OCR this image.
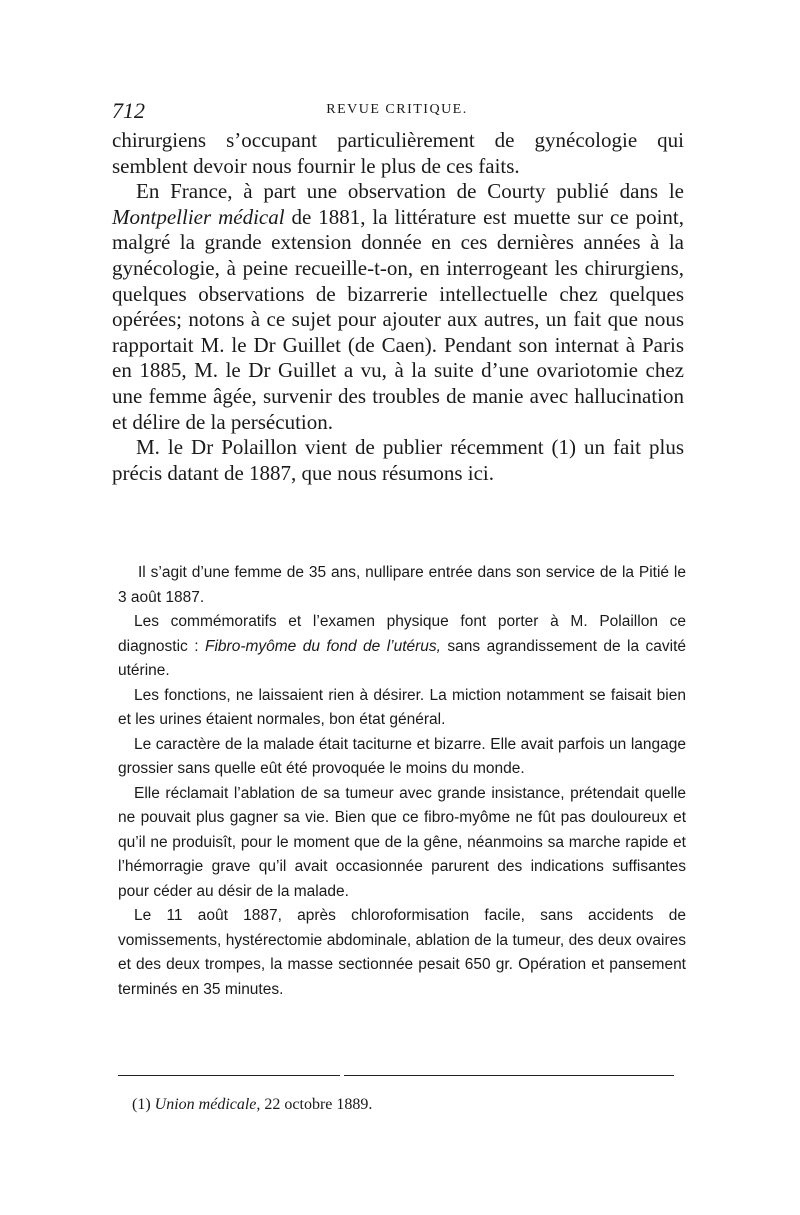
712	REVUE CRITIQUE.

chirurgiens s’occupant particulièrement de gynécologie qui semblent devoir nous fournir le plus de ces faits.

En France, à part une observation de Courty publié dans le Montpellier médical de 1881, la littérature est muette sur ce point, malgré la grande extension donnée en ces dernières années à la gynécologie, à peine recueille-t-on, en interrogeant les chirurgiens, quelques observations de bizarrerie intellectuelle chez quelques opérées; notons à ce sujet pour ajouter aux autres, un fait que nous rapportait M. le Dr Guillet (de Caen). Pendant son internat à Paris en 1885, M. le Dr Guillet a vu, à la suite d’une ovariotomie chez une femme âgée, survenir des troubles de manie avec hallucination et délire de la persécution.

M. le Dr Polaillon vient de publier récemment (1) un fait plus précis datant de 1887, que nous résumons ici.

Il s’agit d’une femme de 35 ans, nullipare entrée dans son service de la Pitié le 3 août 1887.

Les commémoratifs et l’examen physique font porter à M. Polaillon ce diagnostic : Fibro-myôme du fond de l’utérus, sans agrandissement de la cavité utérine.

Les fonctions, ne laissaient rien à désirer. La miction notamment se faisait bien et les urines étaient normales, bon état général.

Le caractère de la malade était taciturne et bizarre. Elle avait parfois un langage grossier sans quelle eût été provoquée le moins du monde.

Elle réclamait l’ablation de sa tumeur avec grande insistance, prétendait quelle ne pouvait plus gagner sa vie. Bien que ce fibro-myôme ne fût pas douloureux et qu’il ne produisît, pour le moment que de la gêne, néanmoins sa marche rapide et l’hémorragie grave qu’il avait occasionnée parurent des indications suffisantes pour céder au désir de la malade.

Le 11 août 1887, après chloroformisation facile, sans accidents de vomissements, hystérectomie abdominale, ablation de la tumeur, des deux ovaires et des deux trompes, la masse sectionnée pesait 650 gr. Opération et pansement terminés en 35 minutes.

(1) Union médicale, 22 octobre 1889.
